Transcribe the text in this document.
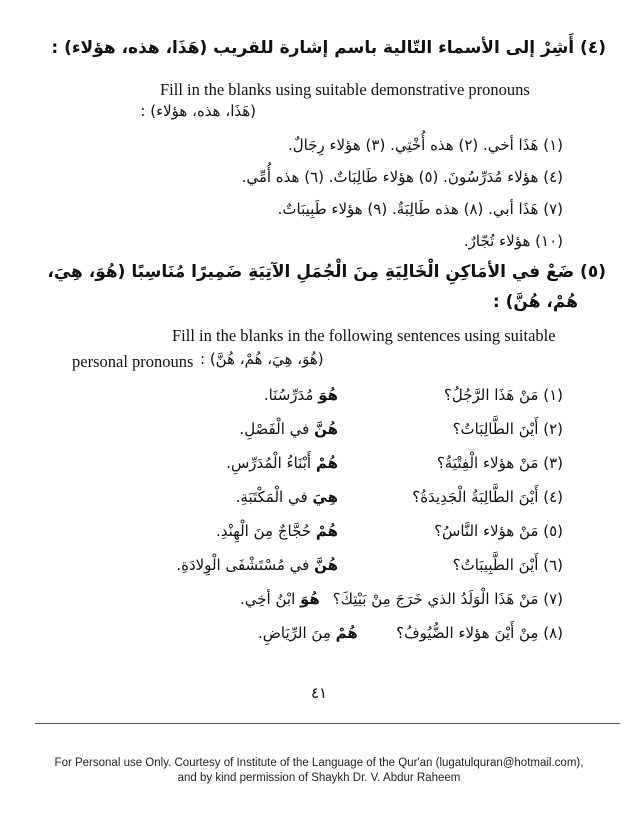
(٤) أَشِرْ إلى الأسماء التّالية باسم إشارة للقريب (هَذَا، هذه، هؤلاء) :
Fill in the blanks using suitable demonstrative pronouns
(هَذَا، هذه، هؤلاء) :
(١) هَذَا أخي. (٢) هذه أُخْتِي. (٣) هؤلاء رِجَالٌ.
(٤) هؤلاء مُدَرِّسُونَ. (٥) هؤلاء طَالِبَاتٌ. (٦) هذه أُمِّي.
(٧) هَذَا أبي. (٨) هذه طَالِبَةٌ. (٩) هؤلاء طَبِيبَاتٌ.
(١٠) هؤلاء تُجّارٌ.
(٥) ضَعْ في الأمَاكِنِ الْخَالِيَةِ مِنَ الْجُمَلِ الآتِيَةِ ضَمِيرًا مُنَاسِبًا (هُوَ، هِيَ،
هُمْ، هُنَّ) :
Fill in the blanks in the following sentences using suitable
personal pronouns (هُوَ، هِيَ، هُمْ، هُنَّ) :
(١) مَنْ هَذَا الرَّجُلُ؟
هُوَ مُدَرِّسُنَا.
(٢) أَيْنَ الطَّالِبَاتُ؟
هُنَّ في الْفَصْلِ.
(٣) مَنْ هؤلاء الْفِتْيَةُ؟
هُمْ أَبْنَاءُ الْمُدَرِّسِ.
(٤) أَيْنَ الطَّالِبَةُ الْجَدِيدَةُ؟
هِيَ في الْمَكْتَبَةِ.
(٥) مَنْ هؤلاء النَّاسُ؟
هُمْ حُجَّاجٌ مِنَ الْهِنْدِ.
(٦) أَيْنَ الطَّبِيبَاتُ؟
هُنَّ في مُسْتَشْفَى الْوِلادَةِ.
(٧) مَنْ هَذَا الْوَلَدُ الذي خَرَجَ مِنْ بَيْتِكَ؟
هُوَ ابْنُ أخِي.
(٨) مِنْ أَيْنَ هؤلاء الضُّيُوفُ؟
هُمْ مِنَ الرِّيَاضِ.
٤١
For Personal use Only. Courtesy of Institute of the Language of the Qur'an (lugatulquran@hotmail.com),
and by kind permission of Shaykh Dr. V. Abdur Raheem
